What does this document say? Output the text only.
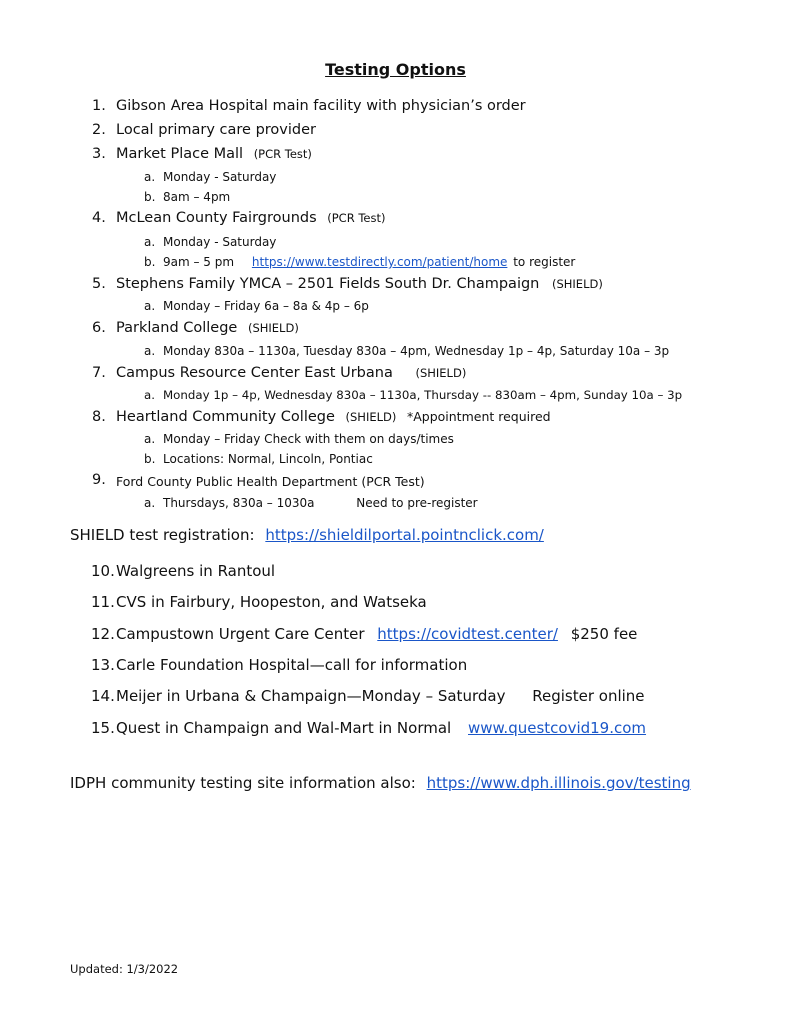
Testing Options
1. Gibson Area Hospital main facility with physician’s order
2. Local primary care provider
3. Market Place Mall (PCR Test)
a. Monday - Saturday
b. 8am – 4pm
4. McLean County Fairgrounds (PCR Test)
a. Monday - Saturday
b. 9am – 5 pm https://www.testdirectly.com/patient/home to register
5. Stephens Family YMCA – 2501 Fields South Dr. Champaign (SHIELD)
a. Monday – Friday 6a – 8a & 4p – 6p
6. Parkland College (SHIELD)
a. Monday 830a – 1130a, Tuesday 830a – 4pm, Wednesday 1p – 4p, Saturday 10a – 3p
7. Campus Resource Center East Urbana (SHIELD)
a. Monday 1p – 4p, Wednesday 830a – 1130a, Thursday -- 830am – 4pm, Sunday 10a – 3p
8. Heartland Community College (SHIELD) *Appointment required
a. Monday – Friday Check with them on days/times
b. Locations: Normal, Lincoln, Pontiac
9. Ford County Public Health Department (PCR Test)
a. Thursdays, 830a – 1030a	Need to pre-register
SHIELD test registration: https://shieldilportal.pointnclick.com/
10. Walgreens in Rantoul
11. CVS in Fairbury, Hoopeston, and Watseka
12. Campustown Urgent Care Center https://covidtest.center/ $250 fee
13. Carle Foundation Hospital—call for information
14. Meijer in Urbana & Champaign—Monday – Saturday Register online
15. Quest in Champaign and Wal-Mart in Normal www.questcovid19.com
IDPH community testing site information also: https://www.dph.illinois.gov/testing
Updated: 1/3/2022
